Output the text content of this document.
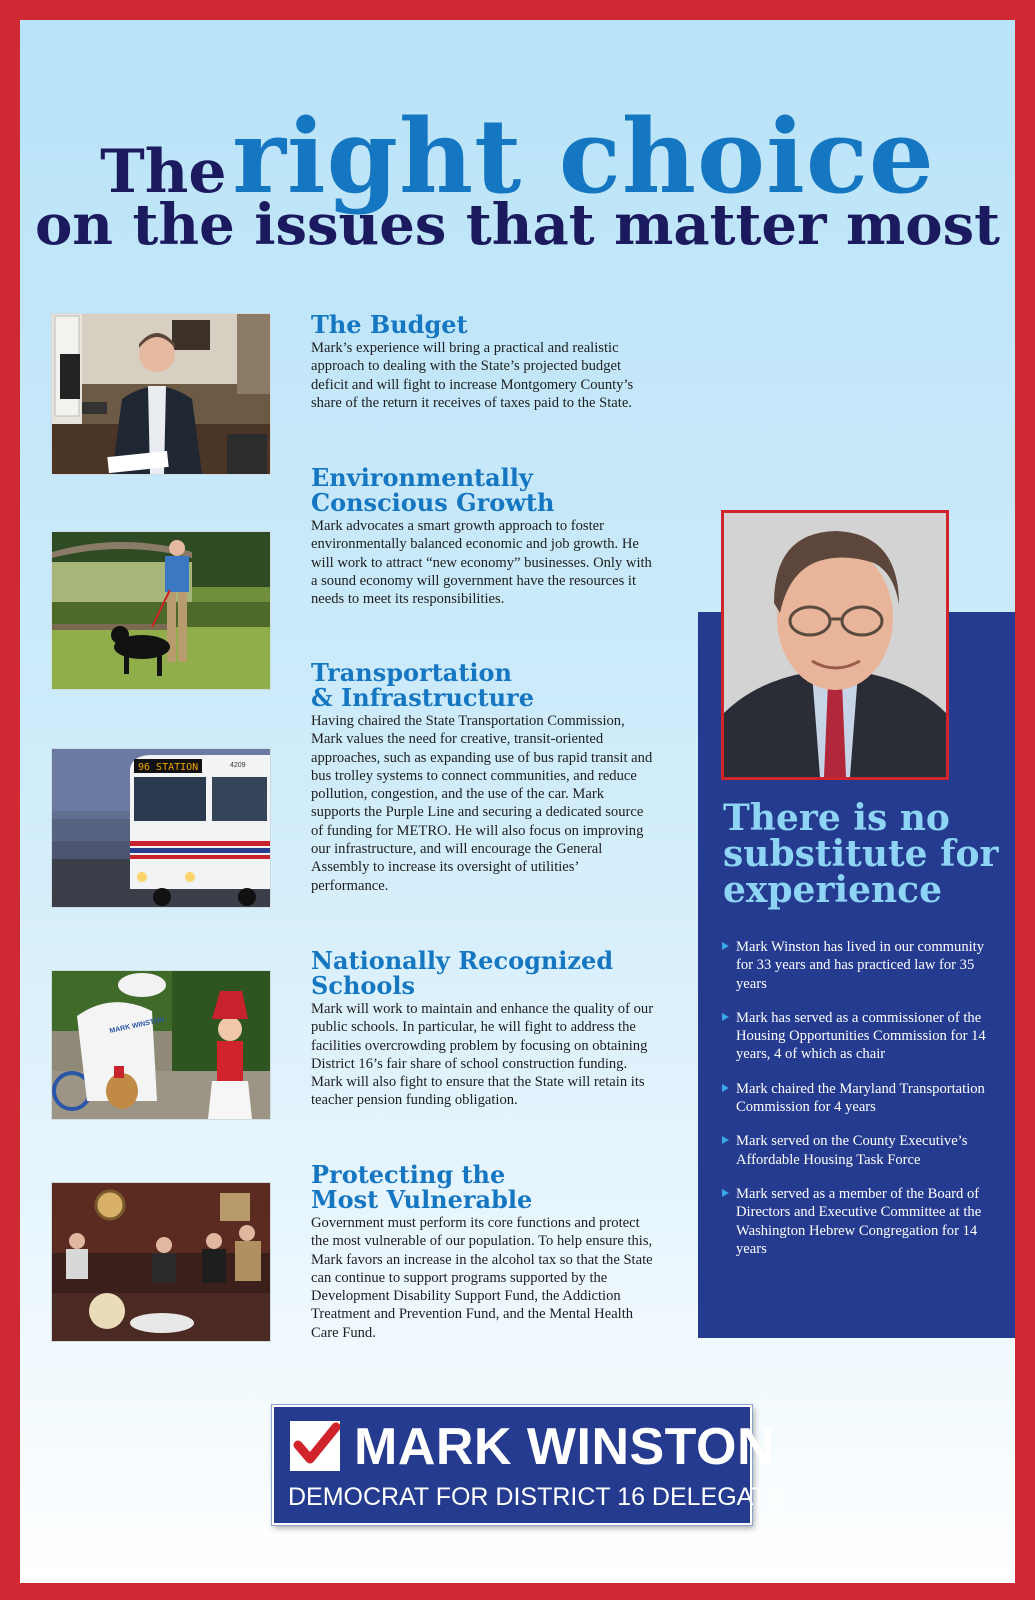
The right choice
on the issues that matter most
96 STATION	4209
MARK WINSTON
The Budget

Mark’s experience will bring a practical and realistic approach to dealing with the State’s projected budget deficit and will fight to increase Montgomery County’s share of the return it receives of taxes paid to the State.

Environmentally
Conscious Growth

Mark advocates a smart growth approach to foster environmentally balanced economic and job growth. He will work to attract “new economy” businesses. Only with a sound economy will government have the resources it needs to meet its responsibilities.

Transportation
& Infrastructure

Having chaired the State Transportation Commission, Mark values the need for creative, transit-oriented approaches, such as expanding use of bus rapid transit and bus trolley systems to connect communities, and reduce pollution, congestion, and the use of the car. Mark supports the Purple Line and securing a dedicated source of funding for METRO. He will also focus on improving our infrastructure, and will encourage the General Assembly to increase its oversight of utilities’ performance.

Nationally Recognized
Schools

Mark will work to maintain and enhance the quality of our public schools. In particular, he will fight to address the facilities overcrowding problem by focusing on obtaining District 16’s fair share of school construction funding. Mark will also fight to ensure that the State will retain its teacher pension funding obligation.

Protecting the
Most Vulnerable

Government must perform its core functions and protect the most vulnerable of our population. To help ensure this, Mark favors an increase in the alcohol tax so that the State can continue to support programs supported by the Development Disability Support Fund, the Addiction Treatment and Prevention Fund, and the Mental Health Care Fund.

There is no
substitute for
experience
Mark Winston has lived in our community for 33 years and has practiced law for 35 years
Mark has served as a commissioner of the Housing Opportunities Commission for 14 years, 4 of which as chair
Mark chaired the Maryland Transportation Commission for 4 years
Mark served on the County Executive’s Affordable Housing Task Force
Mark served as a member of the Board of Directors and Executive Committee at the Washington Hebrew Congregation for 14 years
MARK WINSTON
DEMOCRAT FOR DISTRICT 16 DELEGATE
